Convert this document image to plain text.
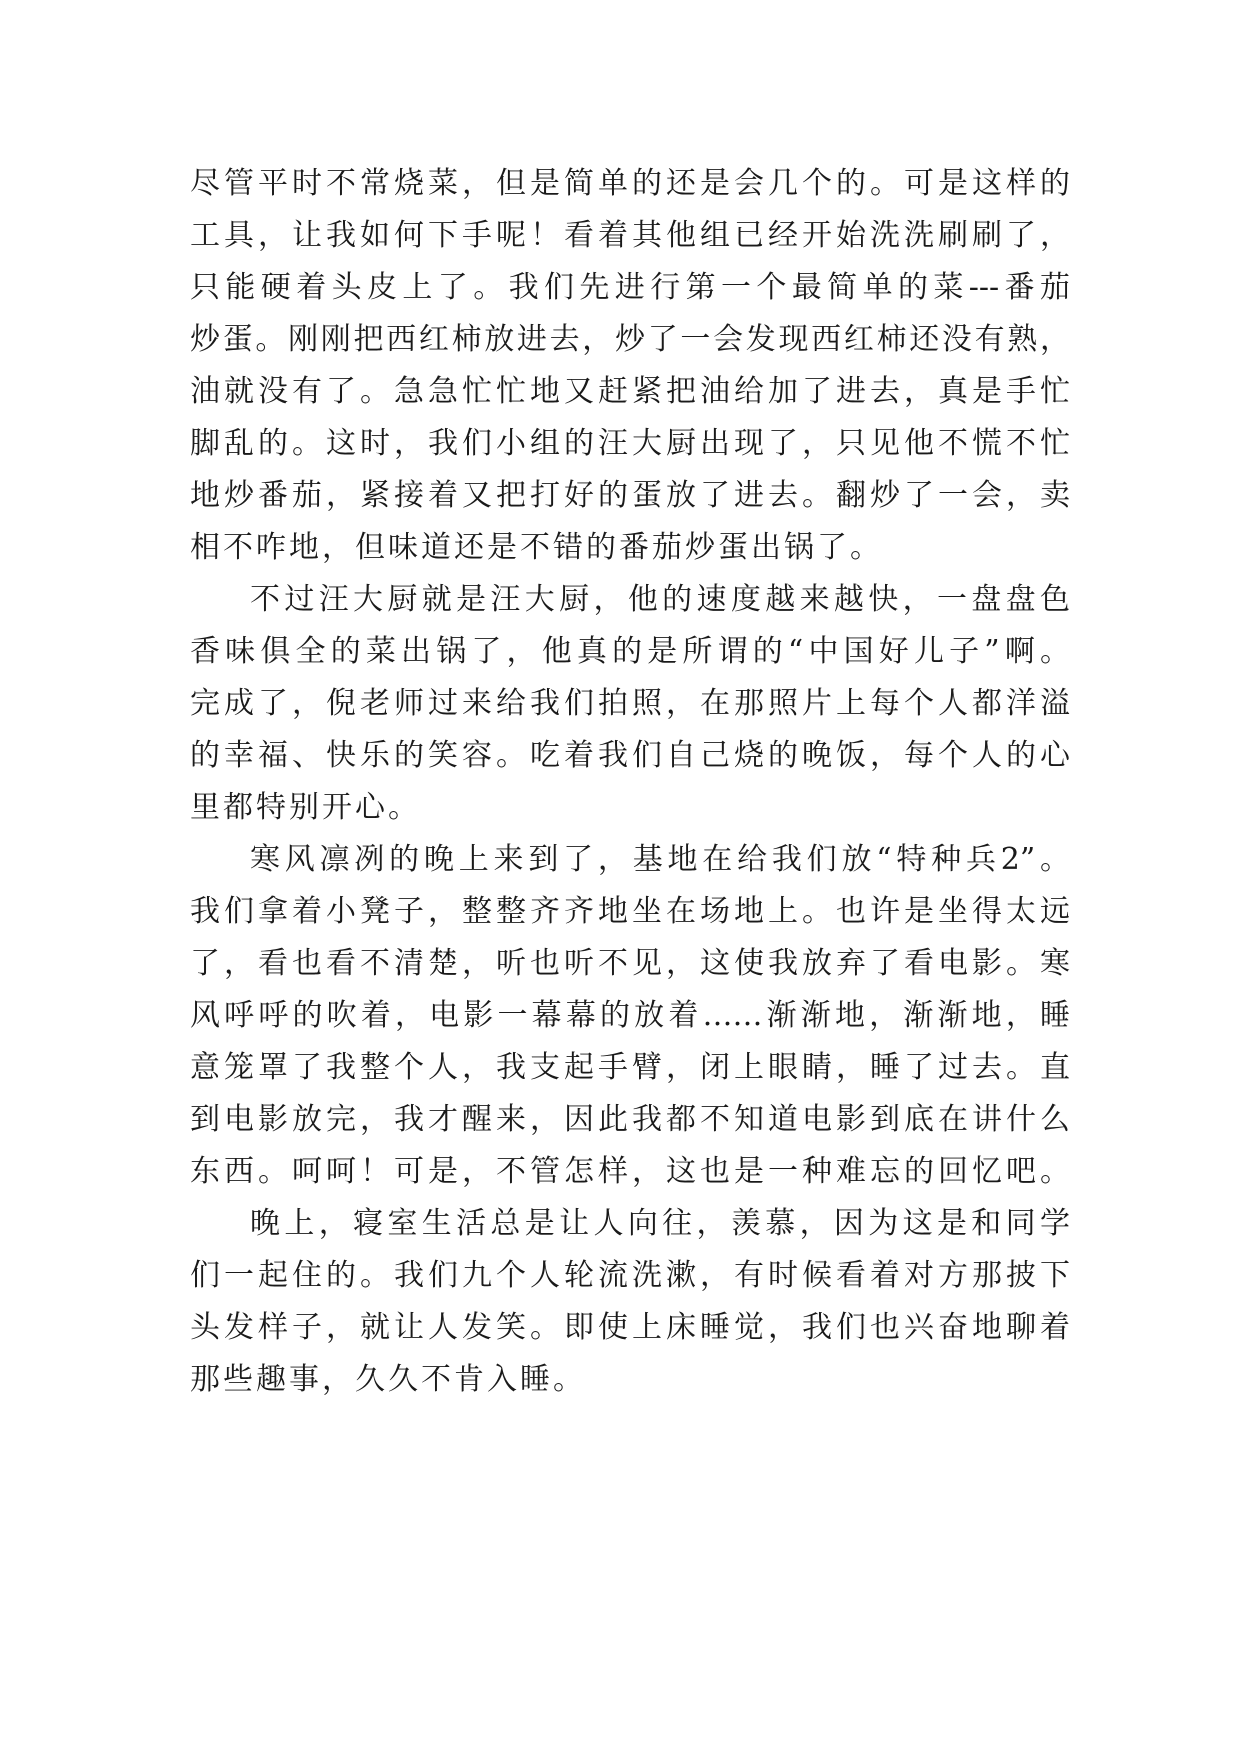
尽管平时不常烧菜，但是简单的还是会几个的。可是这样的
工具，让我如何下手呢！看着其他组已经开始洗洗刷刷了，
只能硬着头皮上了。我们先进行第一个最简单的菜---番茄
炒蛋。刚刚把西红柿放进去，炒了一会发现西红柿还没有熟，
油就没有了。急急忙忙地又赶紧把油给加了进去，真是手忙
脚乱的。这时，我们小组的汪大厨出现了，只见他不慌不忙
地炒番茄，紧接着又把打好的蛋放了进去。翻炒了一会，卖
相不咋地，但味道还是不错的番茄炒蛋出锅了。
不过汪大厨就是汪大厨，他的速度越来越快，一盘盘色
香味俱全的菜出锅了，他真的是所谓的“中国好儿子”啊。
完成了，倪老师过来给我们拍照，在那照片上每个人都洋溢
的幸福、快乐的笑容。吃着我们自己烧的晚饭，每个人的心
里都特别开心。
寒风凛冽的晚上来到了，基地在给我们放“特种兵2”。
我们拿着小凳子，整整齐齐地坐在场地上。也许是坐得太远
了，看也看不清楚，听也听不见，这使我放弃了看电影。寒
风呼呼的吹着，电影一幕幕的放着……渐渐地，渐渐地，睡
意笼罩了我整个人，我支起手臂，闭上眼睛，睡了过去。直
到电影放完，我才醒来，因此我都不知道电影到底在讲什么
东西。呵呵！可是，不管怎样，这也是一种难忘的回忆吧。
晚上，寝室生活总是让人向往，羡慕，因为这是和同学
们一起住的。我们九个人轮流洗漱，有时候看着对方那披下
头发样子，就让人发笑。即使上床睡觉，我们也兴奋地聊着
那些趣事，久久不肯入睡。
